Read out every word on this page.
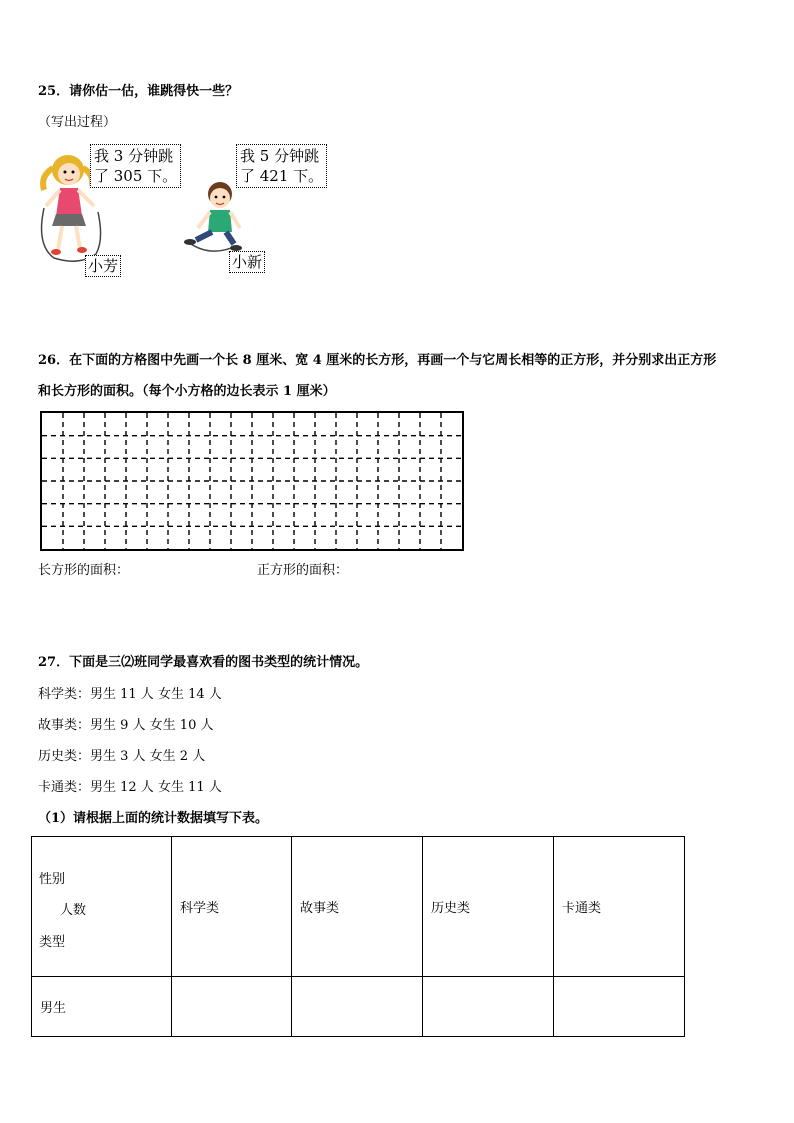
25．请你估一估，谁跳得快一些？
（写出过程）
我 3 分钟跳
了 305 下。
小芳
我 5 分钟跳
了 421 下。
小新
26．在下面的方格图中先画一个长 8 厘米、宽 4 厘米的长方形，再画一个与它周长相等的正方形，并分别求出正方形
和长方形的面积。（每个小方格的边长表示 1 厘米）
长方形的面积：	正方形的面积：
27．下面是三⑵班同学最喜欢看的图书类型的统计情况。
科学类：男生 11 人 女生 14 人
故事类：男生 9 人 女生 10 人
历史类：男生 3 人 女生 2 人
卡通类：男生 12 人 女生 11 人
（1）请根据上面的统计数据填写下表。
性别
人数
类型	科学类	故事类	历史类	卡通类

男生				
